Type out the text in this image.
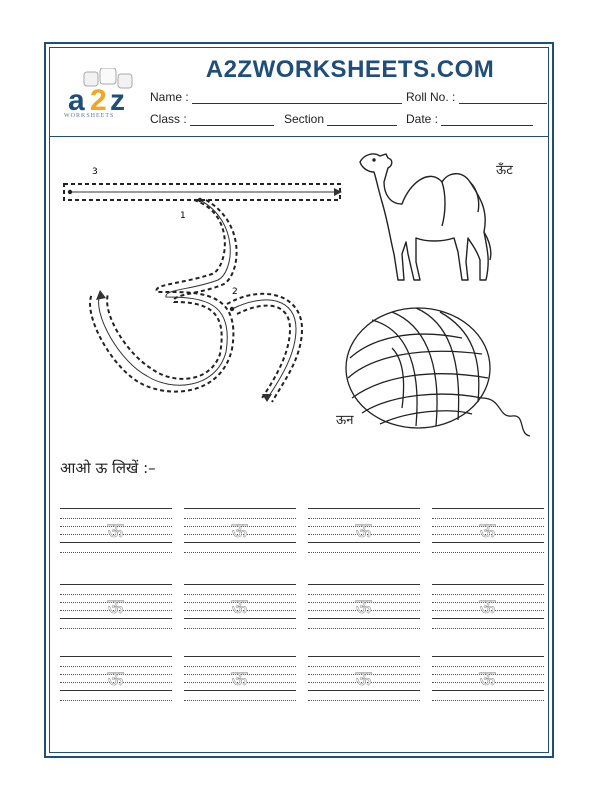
a 2 z
WORKSHEETS
A2ZWORKSHEETS.COM
Name :	Roll No. :
Class :	Section	Date :
3
1
2
ऊँट
ऊन
आओ ऊ लिखें :–
ऊ	ऊ	ऊ	ऊ
ऊ	ऊ	ऊ	ऊ
ऊ	ऊ	ऊ	ऊ
